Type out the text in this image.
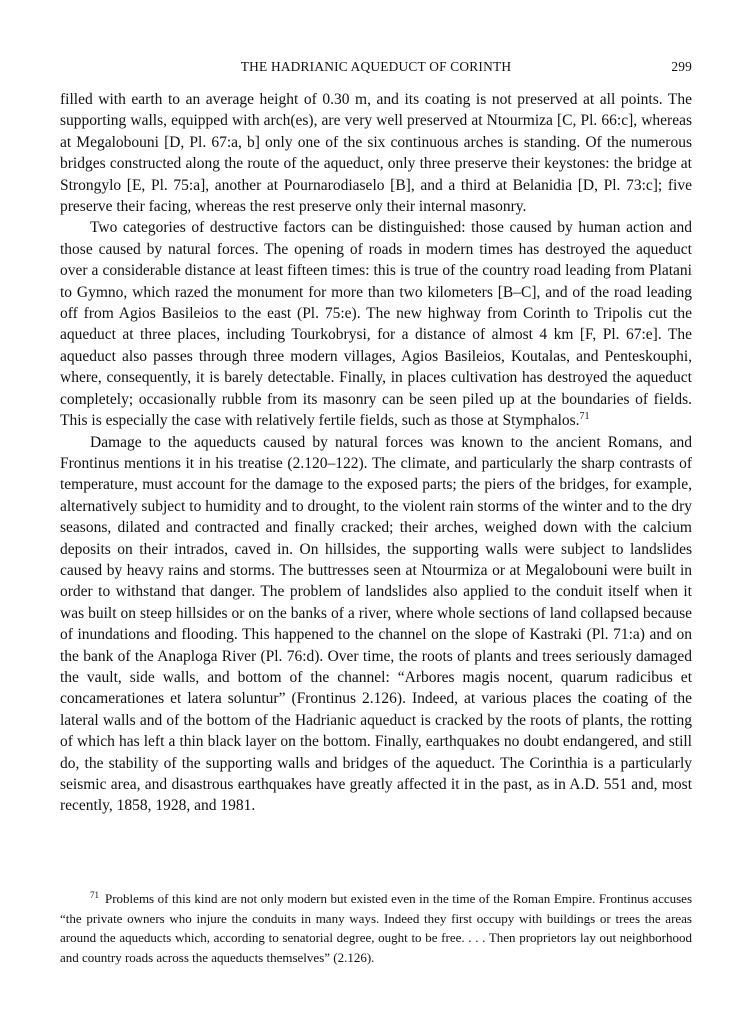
THE HADRIANIC AQUEDUCT OF CORINTH	299

filled with earth to an average height of 0.30 m, and its coating is not preserved at all points. The supporting walls, equipped with arch(es), are very well preserved at Ntourmiza [C, Pl. 66:c], whereas at Megalobouni [D, Pl. 67:a, b] only one of the six continuous arches is standing. Of the numerous bridges constructed along the route of the aqueduct, only three preserve their keystones: the bridge at Strongylo [E, Pl. 75:a], another at Pournarodiaselo [B], and a third at Belanidia [D, Pl. 73:c]; five preserve their facing, whereas the rest preserve only their internal masonry.

Two categories of destructive factors can be distinguished: those caused by human action and those caused by natural forces. The opening of roads in modern times has destroyed the aqueduct over a considerable distance at least fifteen times: this is true of the country road leading from Platani to Gymno, which razed the monument for more than two kilometers [B–C], and of the road leading off from Agios Basileios to the east (Pl. 75:e). The new highway from Corinth to Tripolis cut the aqueduct at three places, including Tourkobrysi, for a distance of almost 4 km [F, Pl. 67:e]. The aqueduct also passes through three modern villages, Agios Basileios, Koutalas, and Penteskouphi, where, consequently, it is barely detectable. Finally, in places cultivation has destroyed the aqueduct completely; occasionally rubble from its masonry can be seen piled up at the boundaries of fields. This is especially the case with relatively fertile fields, such as those at Stymphalos.$^{71}$

Damage to the aqueducts caused by natural forces was known to the ancient Romans, and Frontinus mentions it in his treatise (2.120–122). The climate, and particularly the sharp contrasts of temperature, must account for the damage to the exposed parts; the piers of the bridges, for example, alternatively subject to humidity and to drought, to the violent rain storms of the winter and to the dry seasons, dilated and contracted and finally cracked; their arches, weighed down with the calcium deposits on their intrados, caved in. On hillsides, the supporting walls were subject to landslides caused by heavy rains and storms. The buttresses seen at Ntourmiza or at Megalobouni were built in order to withstand that danger. The problem of landslides also applied to the conduit itself when it was built on steep hillsides or on the banks of a river, where whole sections of land collapsed because of inundations and flooding. This happened to the channel on the slope of Kastraki (Pl. 71:a) and on the bank of the Anaploga River (Pl. 76:d). Over time, the roots of plants and trees seriously damaged the vault, side walls, and bottom of the channel: “Arbores magis nocent, quarum radicibus et concamerationes et latera soluntur” (Frontinus 2.126). Indeed, at various places the coating of the lateral walls and of the bottom of the Hadrianic aqueduct is cracked by the roots of plants, the rotting of which has left a thin black layer on the bottom. Finally, earthquakes no doubt endangered, and still do, the stability of the supporting walls and bridges of the aqueduct. The Corinthia is a particularly seismic area, and disastrous earthquakes have greatly affected it in the past, as in A.D. 551 and, most recently, 1858, 1928, and 1981.

$^{71}$ Problems of this kind are not only modern but existed even in the time of the Roman Empire. Frontinus accuses “the private owners who injure the conduits in many ways. Indeed they first occupy with buildings or trees the areas around the aqueducts which, according to senatorial degree, ought to be free. . . . Then proprietors lay out neighborhood and country roads across the aqueducts themselves” (2.126).
